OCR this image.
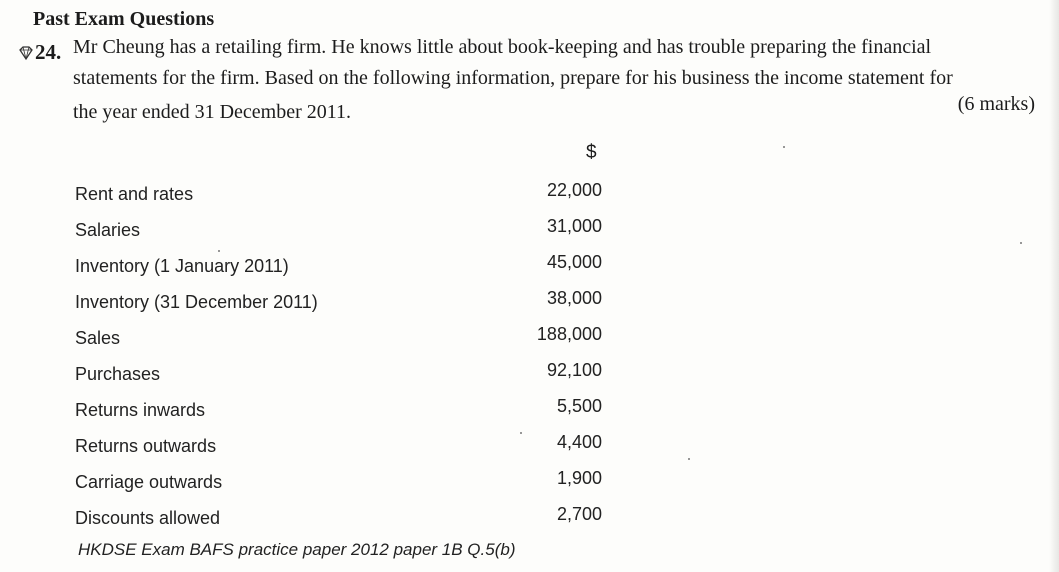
Past Exam Questions
24. Mr Cheung has a retailing firm. He knows little about book-keeping and has trouble preparing the financial
statements for the firm. Based on the following information, prepare for his business the income statement for
the year ended 31 December 2011.	(6 marks)
$
Rent and rates	22,000
Salaries	31,000
Inventory (1 January 2011)	45,000
Inventory (31 December 2011)	38,000
Sales	188,000
Purchases	92,100
Returns inwards	5,500
Returns outwards	4,400
Carriage outwards	1,900
Discounts allowed	2,700
HKDSE Exam BAFS practice paper 2012 paper 1B Q.5(b)
